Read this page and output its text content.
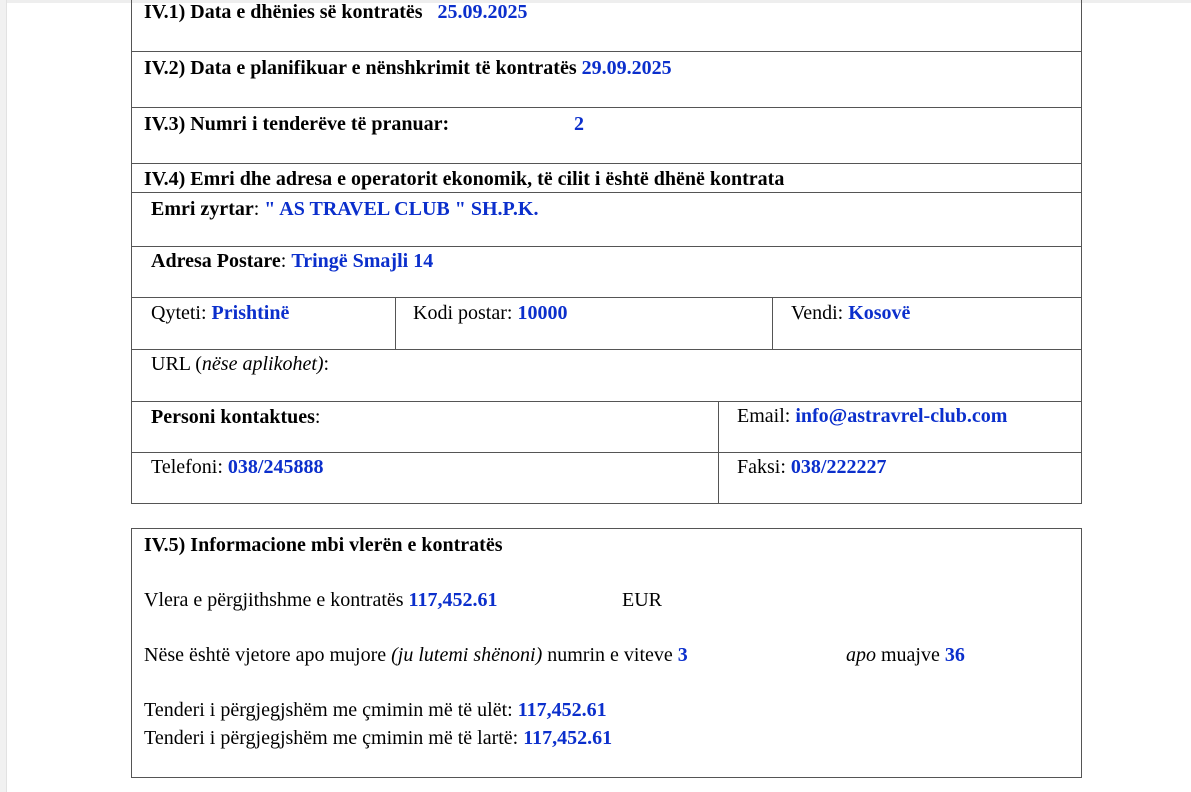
IV.1) Data e dhënies së kontratës 25.09.2025
IV.2) Data e planifikuar e nënshkrimit të kontratës 29.09.2025
IV.3) Numri i tenderëve të pranuar:	2
IV.4) Emri dhe adresa e operatorit ekonomik, të cilit i është dhënë kontrata
Emri zyrtar: " AS TRAVEL CLUB " SH.P.K.
Adresa Postare: Tringë Smajli 14
Qyteti: Prishtinë	Kodi postar: 10000	Vendi: Kosovë
URL (nëse aplikohet):
Personi kontaktues:	Email: info@astravrel-club.com
Telefoni: 038/245888	Faksi: 038/222227
IV.5) Informacione mbi vlerën e kontratës
Vlera e përgjithshme e kontratës 117,452.61	EUR
Nëse është vjetore apo mujore (ju lutemi shënoni) numrin e viteve 3	apo muajve 36
Tenderi i përgjegjshëm me çmimin më të ulët: 117,452.61
Tenderi i përgjegjshëm me çmimin më të lartë: 117,452.61
